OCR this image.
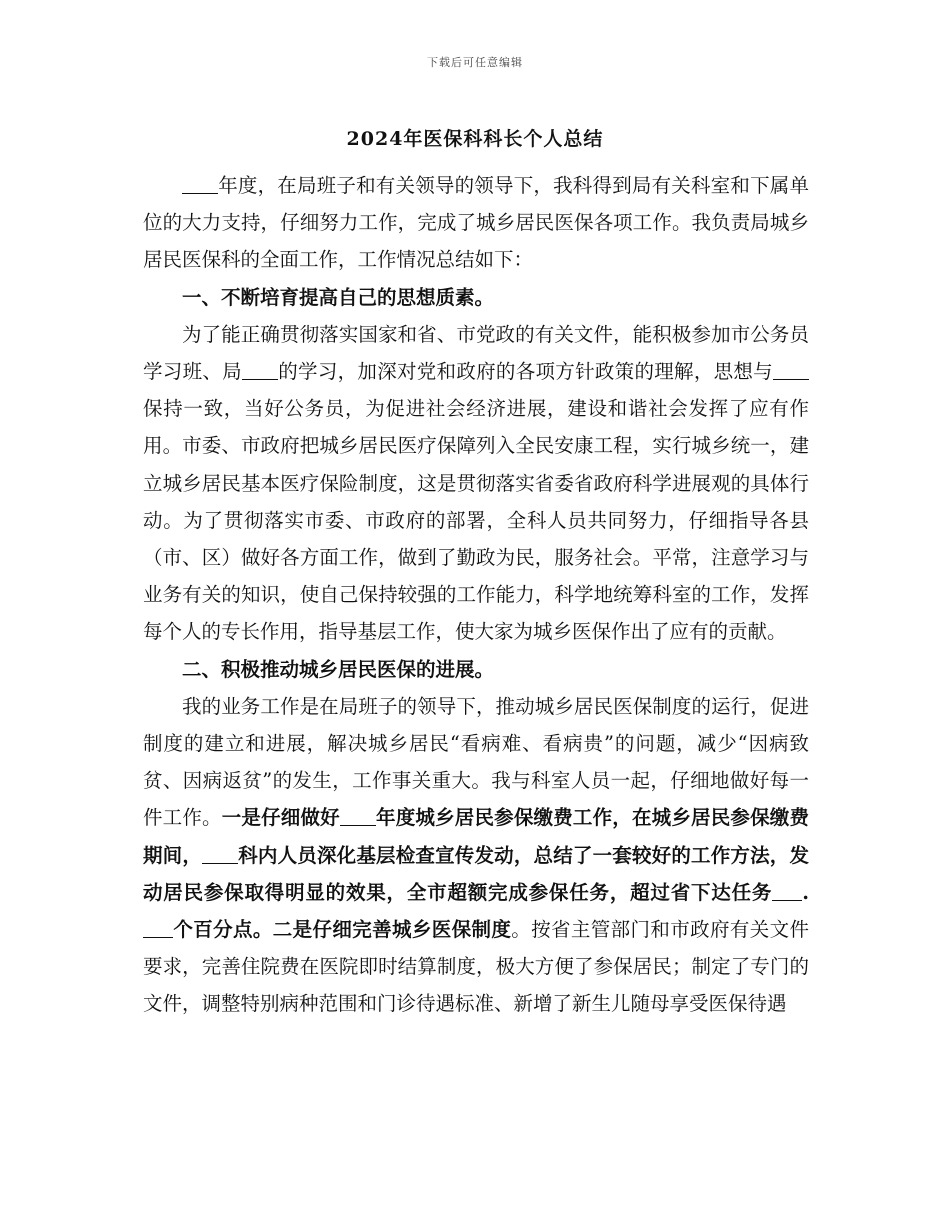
下载后可任意编辑
2024年医保科科长个人总结

年度，在局班子和有关领导的领导下，我科得到局有关科室和下属单位的大力支持，仔细努力工作，完成了城乡居民医保各项工作。我负责局城乡居民医保科的全面工作，工作情况总结如下：

一、不断培育提高自己的思想质素。

为了能正确贯彻落实国家和省、市党政的有关文件，能积极参加市公务员学习班、局 的学习，加深对党和政府的各项方针政策的理解，思想与保持一致，当好公务员，为促进社会经济进展，建设和谐社会发挥了应有作用。市委、市政府把城乡居民医疗保障列入全民安康工程，实行城乡统一，建立城乡居民基本医疗保险制度，这是贯彻落实省委省政府科学进展观的具体行动。为了贯彻落实市委、市政府的部署，全科人员共同努力，仔细指导各县（市、区）做好各方面工作，做到了勤政为民，服务社会。平常，注意学习与业务有关的知识，使自己保持较强的工作能力，科学地统筹科室的工作，发挥每个人的专长作用，指导基层工作，使大家为城乡医保作出了应有的贡献。

二、积极推动城乡居民医保的进展。

我的业务工作是在局班子的领导下，推动城乡居民医保制度的运行，促进制度的建立和进展，解决城乡居民“看病难、看病贵”的问题，减少“因病致贫、因病返贫”的发生，工作事关重大。我与科室人员一起，仔细地做好每一件工作。一是仔细做好 年度城乡居民参保缴费工作，在城乡居民参保缴费期间， 科内人员深化基层检查宣传发动，总结了一套较好的工作方法，发动居民参保取得明显的效果，全市超额完成参保任务，超过省下达任务 .个百分点。二是仔细完善城乡医保制度。按省主管部门和市政府有关文件要求，完善住院费在医院即时结算制度，极大方便了参保居民；制定了专门的文件，调整特别病种范围和门诊待遇标准、新增了新生儿随母享受医保待遇
